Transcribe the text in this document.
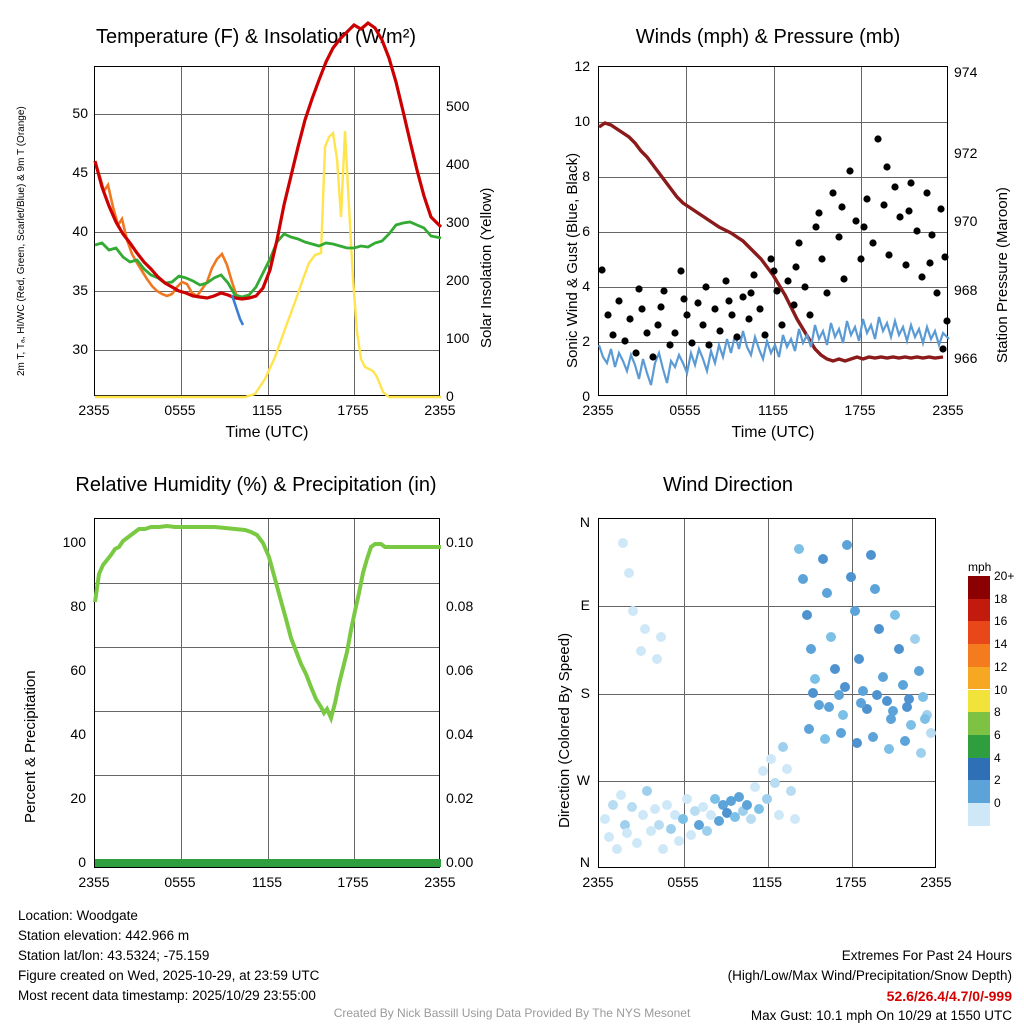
Temperature (F) & Insolation (W/m²)
2m T, Tₐ, HI/WC (Red, Green, Scarlet/Blue) & 9m T (Orange)	Solar Insolation (Yellow)
2355	0555	1155	1755	2355
30
35
40
45
50
0
100
200
300
400
500
Time (UTC)
Winds (mph) & Pressure (mb)
Sonic Wind & Gust (Blue, Black)	Station Pressure (Maroon)
2355	0555	1155	1755	2355
0
2
4
6
8
10
12
966
968
970
972
974
Time (UTC)
Relative Humidity (%) & Precipitation (in)
Percent & Precipitation
2355	0555	1155	1755	2355
0
20
40
60
80
100
0.00
0.02
0.04
0.06
0.08
0.10
Wind Direction
Direction (Colored By Speed)
2355	0555	1155	1755	2355
N
W
S
E
N
mph
20+
18
16
14
12
10
8
6
4
2
0
Location: Woodgate
Station elevation: 442.966 m
Station lat/lon: 43.5324; -75.159
Figure created on Wed, 2025-10-29, at 23:59 UTC
Most recent data timestamp: 2025/10/29 23:55:00
Extremes For Past 24 Hours
(High/Low/Max Wind/Precipitation/Snow Depth)
52.6/26.4/4.7/0/-999
Max Gust: 10.1 mph On 10/29 at 1550 UTC
Created By Nick Bassill Using Data Provided By The NYS Mesonet
